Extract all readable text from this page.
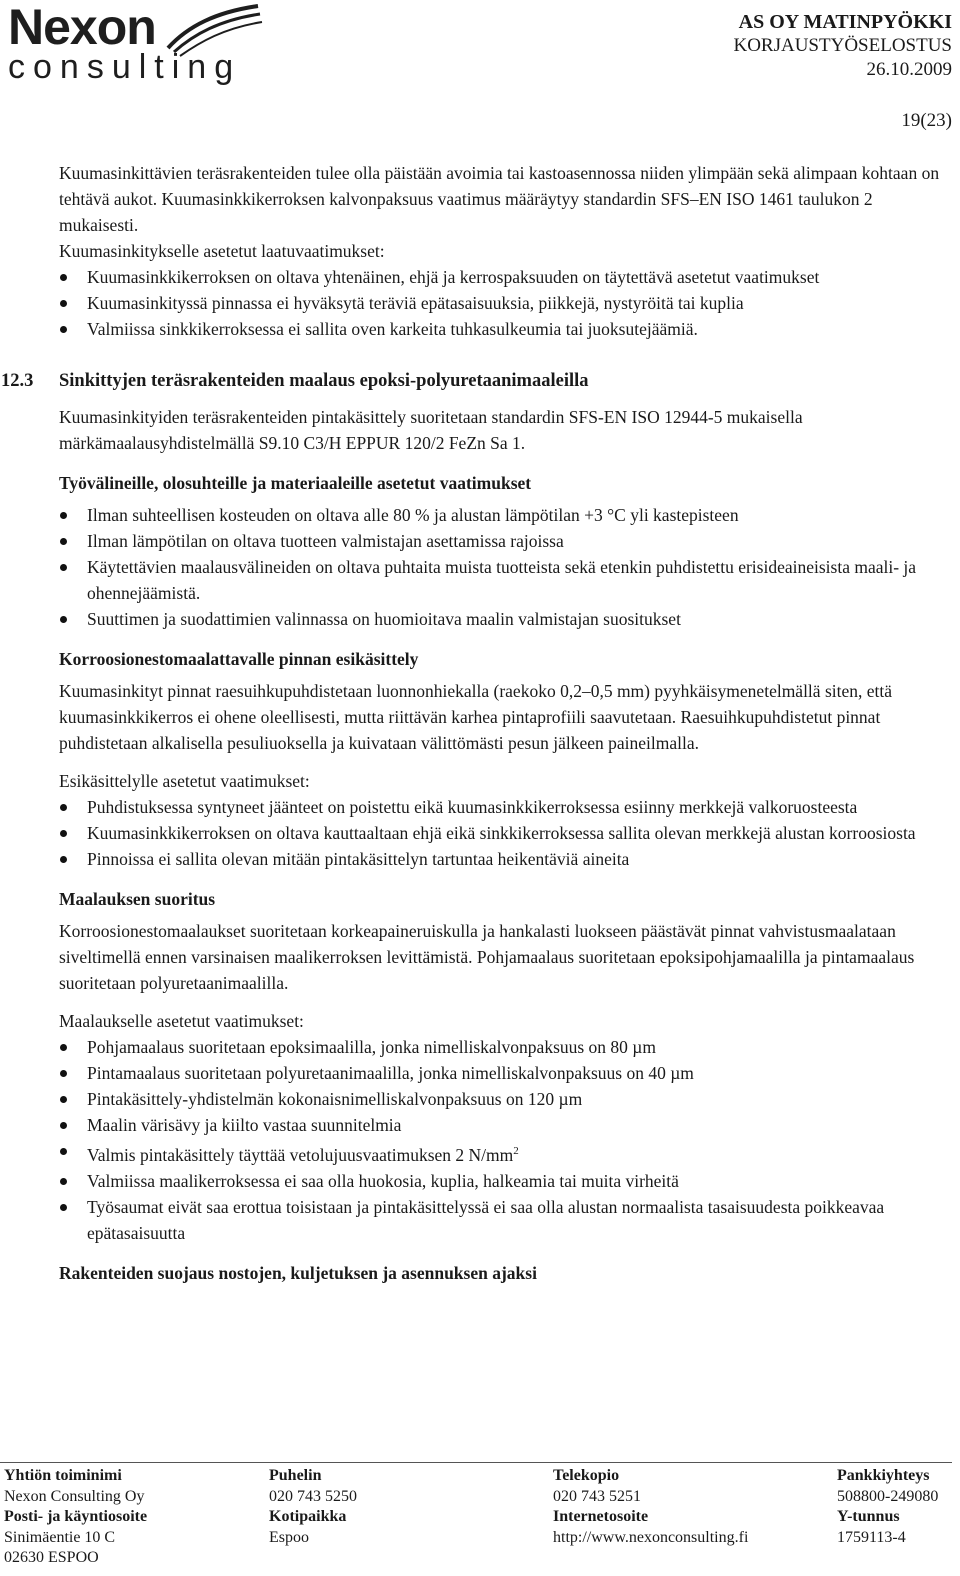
Nexon
consulting
AS OY MATINPYÖKKI
KORJAUSTYÖSELOSTUS
26.10.2009
19(23)

Kuumasinkittävien teräsrakenteiden tulee olla päistään avoimia tai kastoasennossa niiden ylimpään sekä alimpaan kohtaan on tehtävä aukot. Kuumasinkkikerroksen kalvonpaksuus vaatimus määräytyy standardin SFS–EN ISO 1461 taulukon 2 mukaisesti.

Kuumasinkitykselle asetetut laatuvaatimukset:

Kuumasinkkikerroksen on oltava yhtenäinen, ehjä ja kerrospaksuuden on täytettävä asetetut vaatimukset
Kuumasinkityssä pinnassa ei hyväksytä teräviä epätasaisuuksia, piikkejä, nystyröitä tai kuplia
Valmiissa sinkkikerroksessa ei sallita oven karkeita tuhkasulkeumia tai juoksutejäämiä.
12.3 Sinkittyjen teräsrakenteiden maalaus epoksi-polyuretaanimaaleilla

Kuumasinkityiden teräsrakenteiden pintakäsittely suoritetaan standardin SFS-EN ISO 12944-5 mukaisella märkämaalausyhdistelmällä S9.10 C3/H EPPUR 120/2 FeZn Sa 1.

Työvälineille, olosuhteille ja materiaaleille asetetut vaatimukset
Ilman suhteellisen kosteuden on oltava alle 80 % ja alustan lämpötilan +3 °C yli kastepisteen
Ilman lämpötilan on oltava tuotteen valmistajan asettamissa rajoissa
Käytettävien maalausvälineiden on oltava puhtaita muista tuotteista sekä etenkin puhdistettu erisideaineisista maali- ja ohennejäämistä.
Suuttimen ja suodattimien valinnassa on huomioitava maalin valmistajan suositukset
Korroosionestomaalattavalle pinnan esikäsittely

Kuumasinkityt pinnat raesuihkupuhdistetaan luonnonhiekalla (raekoko 0,2–0,5 mm) pyyhkäisymenetelmällä siten, että kuumasinkkikerros ei ohene oleellisesti, mutta riittävän karhea pintaprofiili saavutetaan. Raesuihkupuhdistetut pinnat puhdistetaan alkalisella pesuliuoksella ja kuivataan välittömästi pesun jälkeen paineilmalla.

Esikäsittelylle asetetut vaatimukset:

Puhdistuksessa syntyneet jäänteet on poistettu eikä kuumasinkkikerroksessa esiinny merkkejä valkoruosteesta
Kuumasinkkikerroksen on oltava kauttaaltaan ehjä eikä sinkkikerroksessa sallita olevan merkkejä alustan korroosiosta
Pinnoissa ei sallita olevan mitään pintakäsittelyn tartuntaa heikentäviä aineita
Maalauksen suoritus

Korroosionestomaalaukset suoritetaan korkeapaineruiskulla ja hankalasti luokseen päästävät pinnat vahvistusmaalataan siveltimellä ennen varsinaisen maalikerroksen levittämistä. Pohjamaalaus suoritetaan epoksipohjamaalilla ja pintamaalaus suoritetaan polyuretaanimaalilla.

Maalaukselle asetetut vaatimukset:

Pohjamaalaus suoritetaan epoksimaalilla, jonka nimelliskalvonpaksuus on 80 µm
Pintamaalaus suoritetaan polyuretaanimaalilla, jonka nimelliskalvonpaksuus on 40 µm
Pintakäsittely-yhdistelmän kokonaisnimelliskalvonpaksuus on 120 µm
Maalin värisävy ja kiilto vastaa suunnitelmia
Valmis pintakäsittely täyttää vetolujuusvaatimuksen 2 $N/mm^2$
Valmiissa maalikerroksessa ei saa olla huokosia, kuplia, halkeamia tai muita virheitä
Työsaumat eivät saa erottua toisistaan ja pintakäsittelyssä ei saa olla alustan normaalista tasaisuudesta poikkeavaa epätasaisuutta
Rakenteiden suojaus nostojen, kuljetuksen ja asennuksen ajaksi
Yhtiön toiminimi
Nexon Consulting Oy
Posti- ja käyntiosoite
Sinimäentie 10 C
02630 ESPOO
Puhelin
020 743 5250
Kotipaikka
Espoo
Telekopio
020 743 5251
Internetosoite
http://www.nexonconsulting.fi
Pankkiyhteys
508800-249080
Y-tunnus
1759113-4
